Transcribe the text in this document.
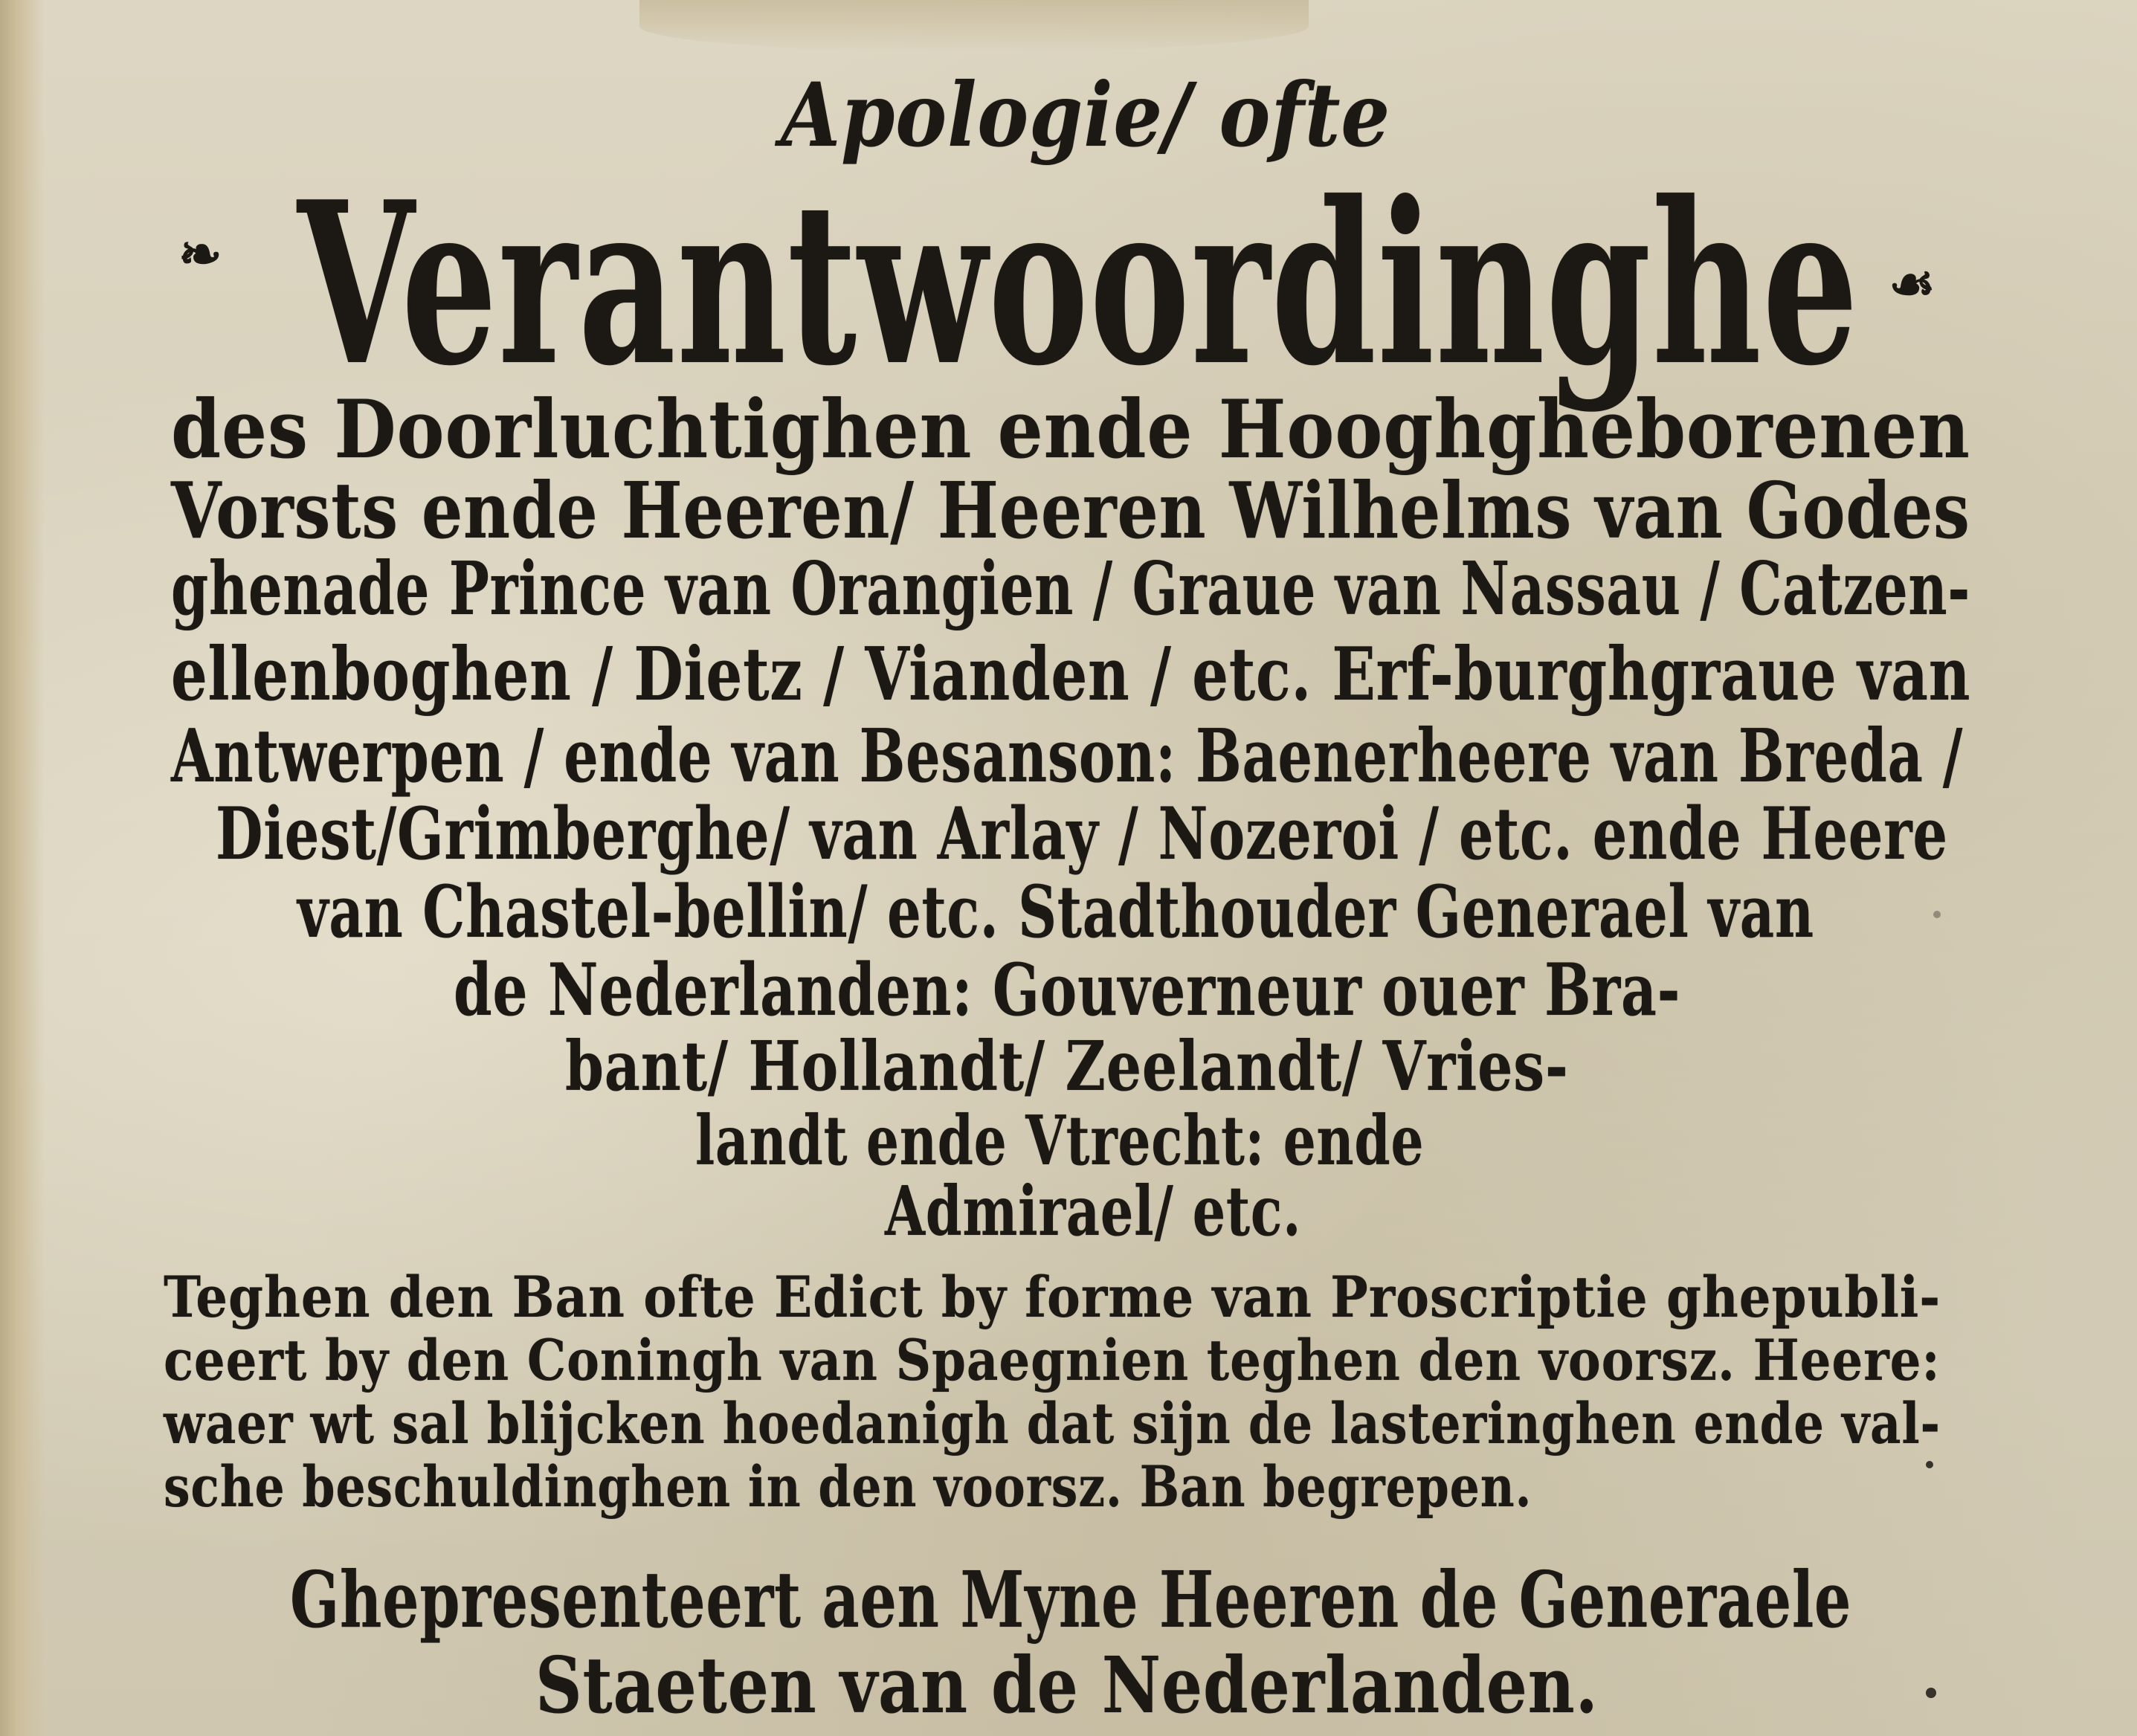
Apologie/ ofte
❧ Verantwoordinghe ☙
des Doorluchtighen ende Hooghgheborenen
Vorsts ende Heeren/ Heeren Wilhelms van Godes
ghenade Prince van Orangien / Graue van Nassau / Catzen-
ellenboghen / Dietz / Vianden / etc. Erf-burghgraue van
Antwerpen / ende van Besanson: Baenerheere van Breda /
Diest/Grimberghe/ van Arlay / Nozeroi / etc. ende Heere
van Chastel-bellin/ etc. Stadthouder Generael van
de Nederlanden: Gouverneur ouer Bra-
bant/ Hollandt/ Zeelandt/ Vries-
landt ende Vtrecht: ende
Admirael/ etc.
Teghen den Ban ofte Edict by forme van Proscriptie ghepubli-
ceert by den Coningh van Spaegnien teghen den voorsz. Heere:
waer wt sal blijcken hoedanigh dat sijn de lasteringhen ende val-
sche beschuldinghen in den voorsz. Ban begrepen.
Ghepresenteert aen Myne Heeren de Generaele
Staeten van de Nederlanden.
